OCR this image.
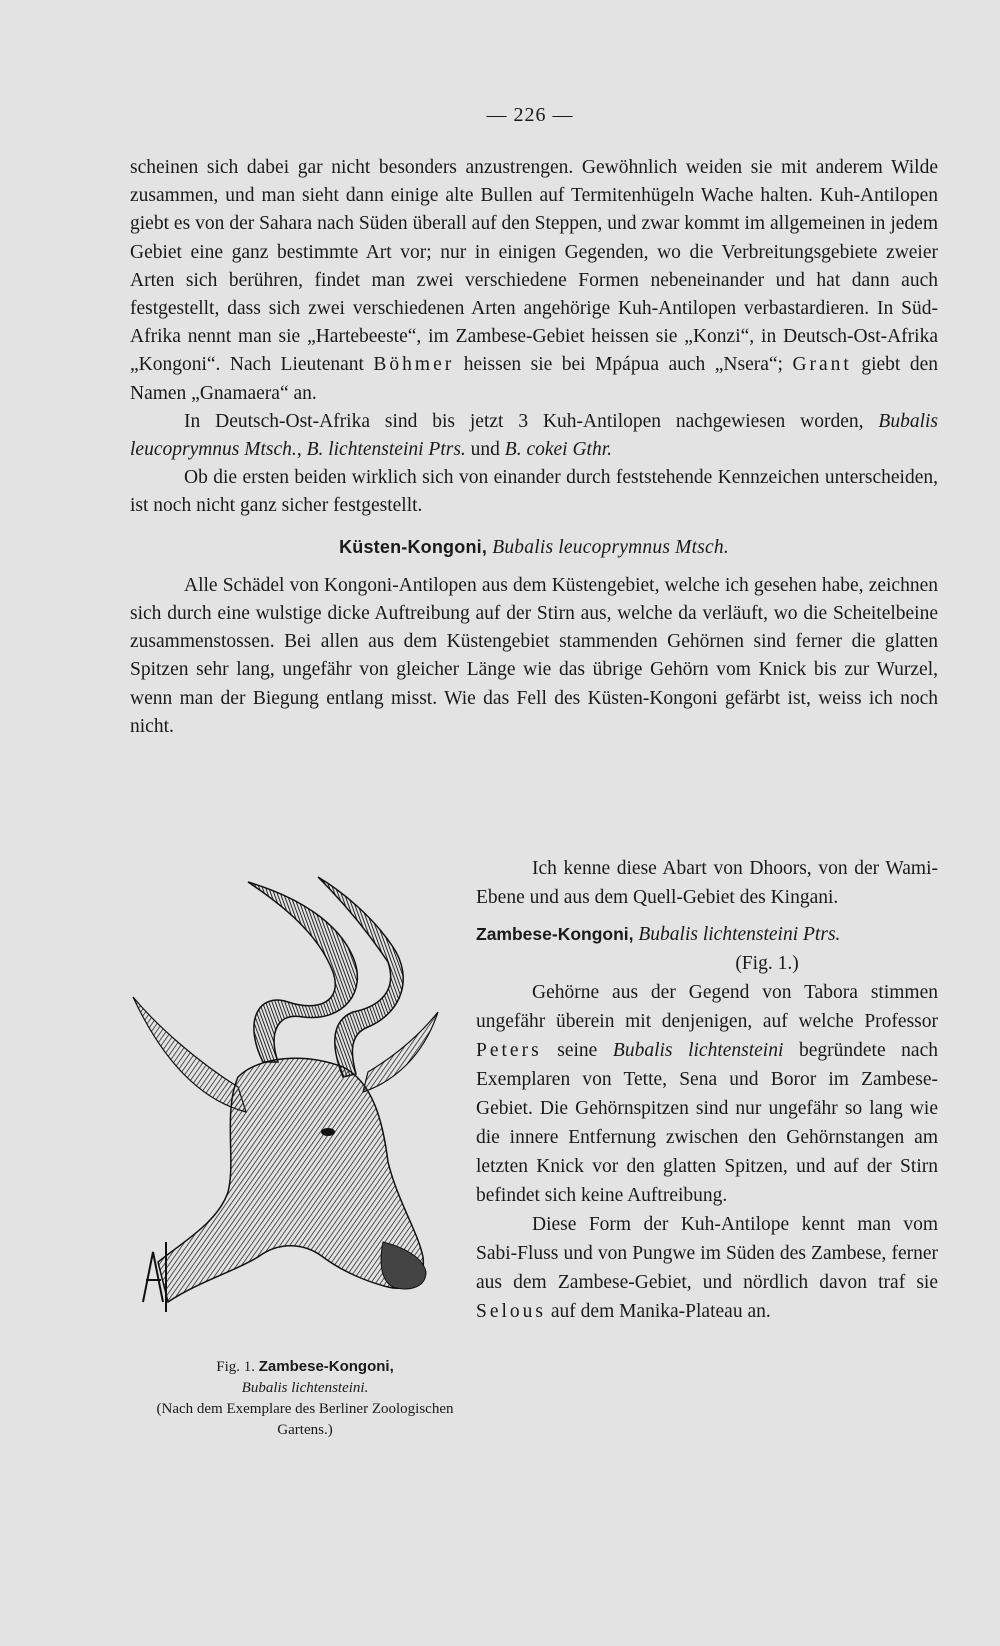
— 226 —

scheinen sich dabei gar nicht besonders anzustrengen. Gewöhnlich weiden sie mit anderem Wilde zusammen, und man sieht dann einige alte Bullen auf Termitenhügeln Wache halten. Kuh-Antilopen giebt es von der Sahara nach Süden überall auf den Steppen, und zwar kommt im allgemeinen in jedem Gebiet eine ganz bestimmte Art vor; nur in einigen Gegenden, wo die Verbreitungsgebiete zweier Arten sich berühren, findet man zwei verschiedene Formen nebeneinander und hat dann auch festgestellt, dass sich zwei verschiedenen Arten angehörige Kuh-Antilopen verbastardieren. In Süd-Afrika nennt man sie „Hartebeeste“, im Zambese-Gebiet heissen sie „Konzi“, in Deutsch-Ost-Afrika „Kongoni“. Nach Lieutenant Böhmer heissen sie bei Mpápua auch „Nsera“; Grant giebt den Namen „Gnamaera“ an.

In Deutsch-Ost-Afrika sind bis jetzt 3 Kuh-Antilopen nachgewiesen worden, Bubalis leucoprymnus Mtsch., B. lichtensteini Ptrs. und B. cokei Gthr.

Ob die ersten beiden wirklich sich von einander durch feststehende Kennzeichen unterscheiden, ist noch nicht ganz sicher festgestellt.

Küsten-Kongoni, Bubalis leucoprymnus Mtsch.

Alle Schädel von Kongoni-Antilopen aus dem Küstengebiet, welche ich gesehen habe, zeichnen sich durch eine wulstige dicke Auftreibung auf der Stirn aus, welche da verläuft, wo die Scheitelbeine zusammenstossen. Bei allen aus dem Küstengebiet stammenden Gehörnen sind ferner die glatten Spitzen sehr lang, ungefähr von gleicher Länge wie das übrige Gehörn vom Knick bis zur Wurzel, wenn man der Biegung entlang misst. Wie das Fell des Küsten-Kongoni gefärbt ist, weiss ich noch nicht.

Ich kenne diese Abart von Dhoors, von der Wami-Ebene und aus dem Quell-Gebiet des Kingani.

Zambese-Kongoni, Bubalis lichtensteini Ptrs.
(Fig. 1.)

Gehörne aus der Gegend von Tabora stimmen ungefähr überein mit denjenigen, auf welche Professor Peters seine Bubalis lichtensteini begründete nach Exemplaren von Tette, Sena und Boror im Zambese-Gebiet. Die Gehörnspitzen sind nur ungefähr so lang wie die innere Entfernung zwischen den Gehörnstangen am letzten Knick vor den glatten Spitzen, und auf der Stirn befindet sich keine Auftreibung.

Diese Form der Kuh-Antilope kennt man vom Sabi-Fluss und von Pungwe im Süden des Zambese, ferner aus dem Zambese-Gebiet, und nördlich davon traf sie Selous auf dem Manika-Plateau an.

Fig. 1. Zambese-Kongoni,
Bubalis lichtensteini.
(Nach dem Exemplare des Berliner Zoologischen Gartens.)
